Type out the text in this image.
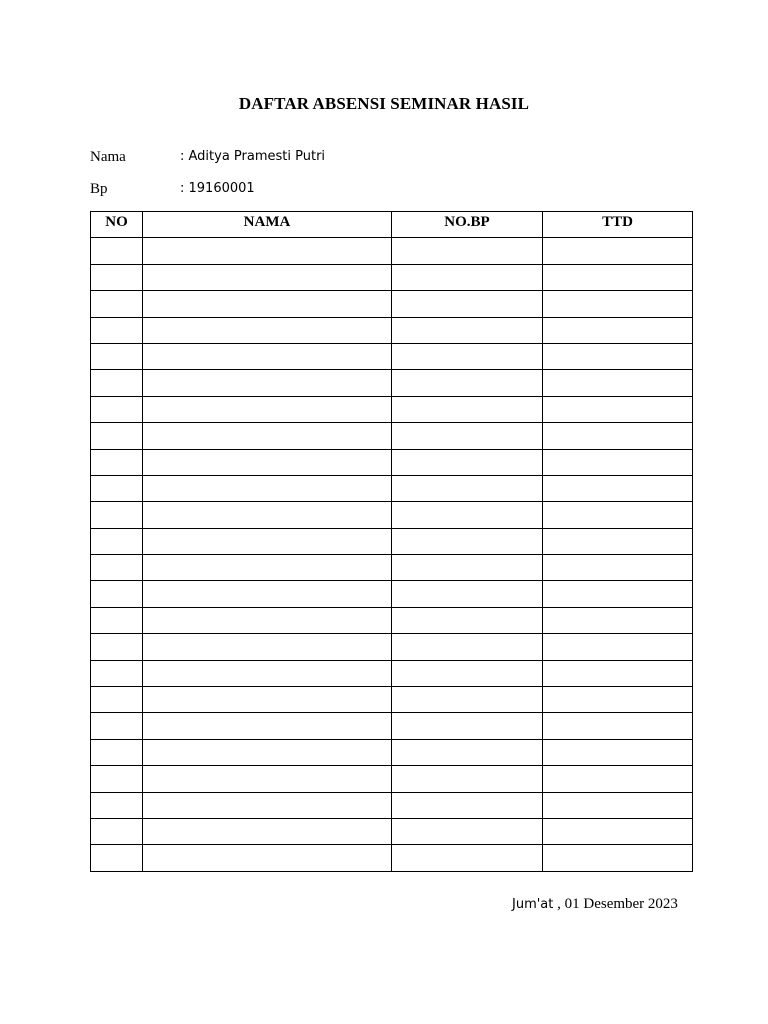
DAFTAR ABSENSI SEMINAR HASIL
Nama	: Aditya Pramesti Putri
Bp	: 19160001
NO	NAMA	NO.BP	TTD

Jum'at , 01 Desember 2023
